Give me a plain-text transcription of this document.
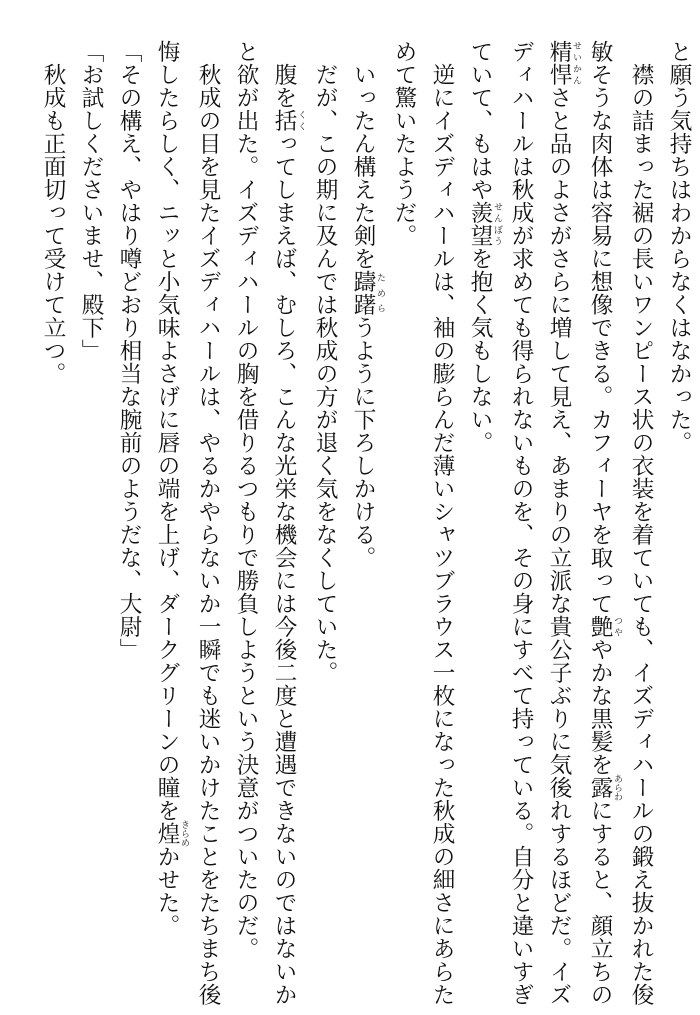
と願う気持ちはわからなくはなかった。
　襟の詰まった裾の長いワンピース状の衣装を着ていても、イズディハールの鍛え抜かれた俊
敏そうな肉体は容易に想像できる。カフィーヤを取って艶 つややかな黒髪を露 あらわにすると、顔立ちの
精悍 せいかんさと品のよさがさらに増して見え、あまりの立派な貴公子ぶりに気後れするほどだ。イズ
ディハールは秋成が求めても得られないものを、その身にすべて持っている。自分と違いすぎ
ていて、もはや羨望 せんぼうを抱く気もしない。
　逆にイズディハールは、袖の膨らんだ薄いシャツブラウス一枚になった秋成の細さにあらた
めて驚いたようだ。
　いったん構えた剣を躊躇 ためらうように下ろしかける。
　だが、この期に及んでは秋成の方が退く気をなくしていた。
　腹を括 くくってしまえば、むしろ、こんな光栄な機会には今後二度と遭遇できないのではないか
と欲が出た。イズディハールの胸を借りるつもりで勝負しようという決意がついたのだ。
　秋成の目を見たイズディハールは、やるかやらないか一瞬でも迷いかけたことをたちまち後
悔したらしく、ニッと小気味よさげに唇の端を上げ、ダークグリーンの瞳を煌 きらめかせた。
「その構え、やはり噂どおり相当な腕前のようだな、大尉」
「お試しくださいませ、殿下」
　秋成も正面切って受けて立つ。
